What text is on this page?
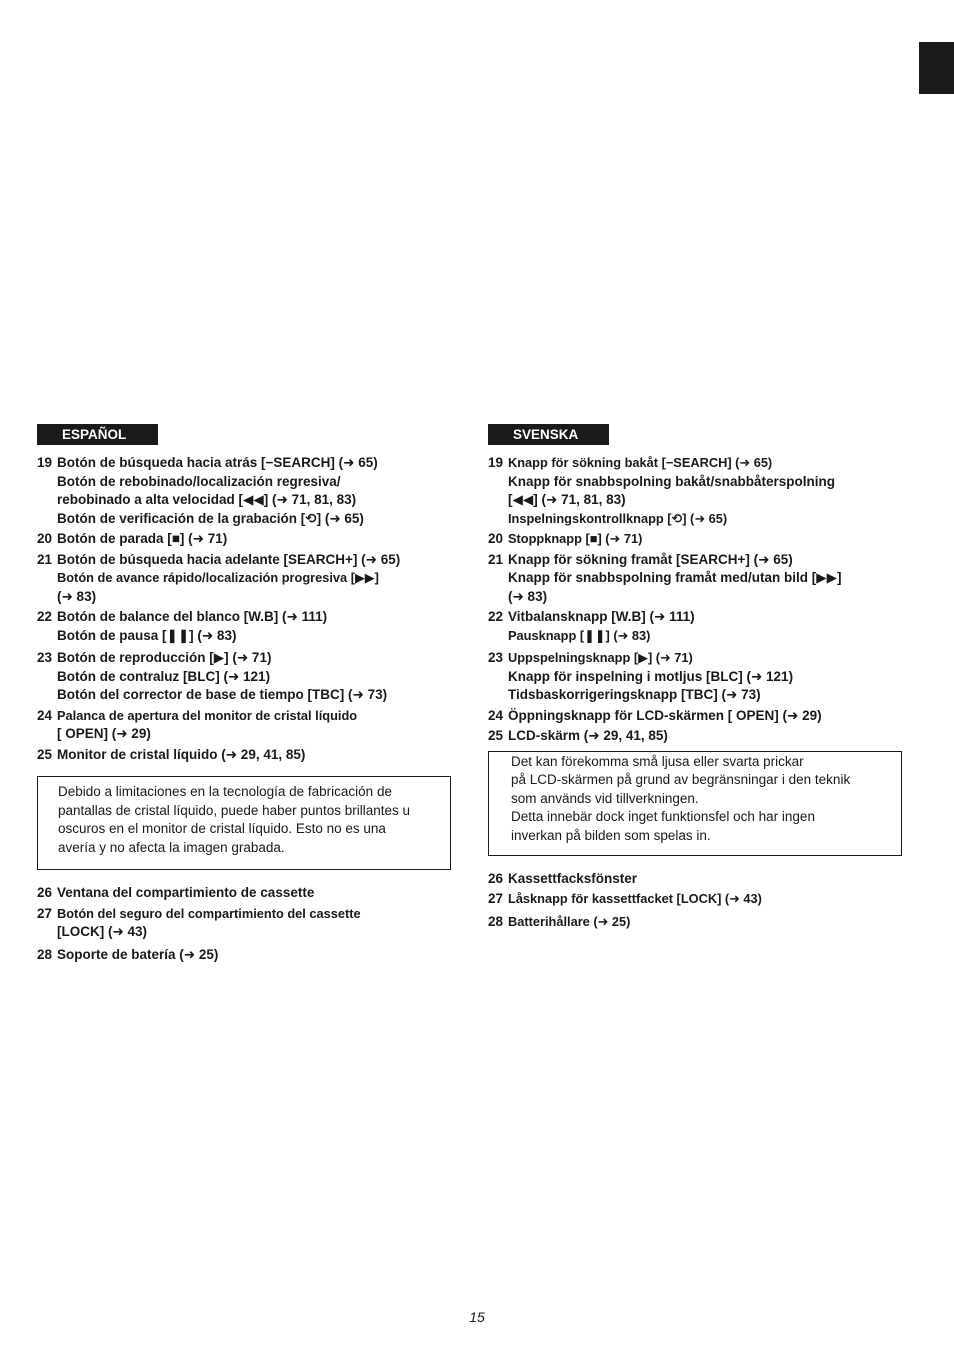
ESPAÑOL
19 Botón de búsqueda hacia atrás [−SEARCH] (➜ 65)
Botón de rebobinado/localización regresiva/
rebobinado a alta velocidad [◀◀] (➜ 71, 81, 83)
Botón de verificación de la grabación [⟲] (➜ 65)
20 Botón de parada [■] (➜ 71)
21 Botón de búsqueda hacia adelante [SEARCH+] (➜ 65)
Botón de avance rápido/localización progresiva [▶▶]
(➜ 83)
22 Botón de balance del blanco [W.B] (➜ 111)
Botón de pausa [❚❚] (➜ 83)
23 Botón de reproducción [▶] (➜ 71)
Botón de contraluz [BLC] (➜ 121)
Botón del corrector de base de tiempo [TBC] (➜ 73)
24 Palanca de apertura del monitor de cristal líquido
[ OPEN] (➜ 29)
25 Monitor de cristal líquido (➜ 29, 41, 85)
Debido a limitaciones en la tecnología de fabricación de
pantallas de cristal líquido, puede haber puntos brillantes u
oscuros en el monitor de cristal líquido. Esto no es una
avería y no afecta la imagen grabada.
26 Ventana del compartimiento de cassette
27 Botón del seguro del compartimiento del cassette
[LOCK] (➜ 43)
28 Soporte de batería (➜ 25)
SVENSKA
19 Knapp för sökning bakåt [−SEARCH] (➜ 65)
Knapp för snabbspolning bakåt/snabbåterspolning
[◀◀] (➜ 71, 81, 83)
Inspelningskontrollknapp [⟲] (➜ 65)
20 Stoppknapp [■] (➜ 71)
21 Knapp för sökning framåt [SEARCH+] (➜ 65)
Knapp för snabbspolning framåt med/utan bild [▶▶]
(➜ 83)
22 Vitbalansknapp [W.B] (➜ 111)
Pausknapp [❚❚] (➜ 83)
23 Uppspelningsknapp [▶] (➜ 71)
Knapp för inspelning i motljus [BLC] (➜ 121)
Tidsbaskorrigeringsknapp [TBC] (➜ 73)
24 Öppningsknapp för LCD-skärmen [ OPEN] (➜ 29)
25 LCD-skärm (➜ 29, 41, 85)
Det kan förekomma små ljusa eller svarta prickar
på LCD-skärmen på grund av begränsningar i den teknik
som används vid tillverkningen.
Detta innebär dock inget funktionsfel och har ingen
inverkan på bilden som spelas in.
26 Kassettfacksfönster
27 Låsknapp för kassettfacket [LOCK] (➜ 43)
28 Batterihållare (➜ 25)
15
